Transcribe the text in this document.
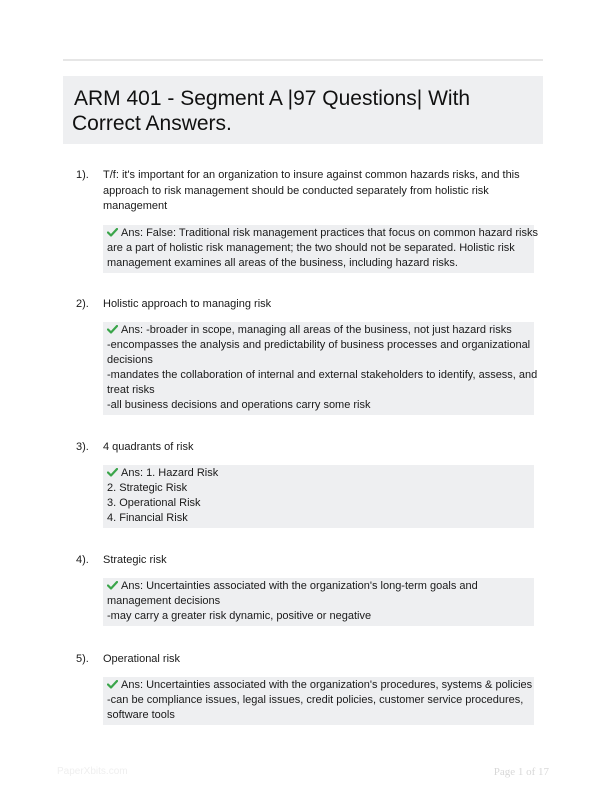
ARM 401 - Segment A |97 Questions| With
Correct Answers.
1). T/f: it's important for an organization to insure against common hazards risks, and this
approach to risk management should be conducted separately from holistic risk
management
Ans: False: Traditional risk management practices that focus on common hazard risks
are a part of holistic risk management; the two should not be separated. Holistic risk
management examines all areas of the business, including hazard risks.
2). Holistic approach to managing risk
Ans: -broader in scope, managing all areas of the business, not just hazard risks
-encompasses the analysis and predictability of business processes and organizational
decisions
-mandates the collaboration of internal and external stakeholders to identify, assess, and
treat risks
-all business decisions and operations carry some risk
3). 4 quadrants of risk
Ans: 1. Hazard Risk
2. Strategic Risk
3. Operational Risk
4. Financial Risk
4). Strategic risk
Ans: Uncertainties associated with the organization's long-term goals and
management decisions
-may carry a greater risk dynamic, positive or negative
5). Operational risk
Ans: Uncertainties associated with the organization's procedures, systems & policies
-can be compliance issues, legal issues, credit policies, customer service procedures,
software tools
PaperXbits.com	Page 1 of 17
